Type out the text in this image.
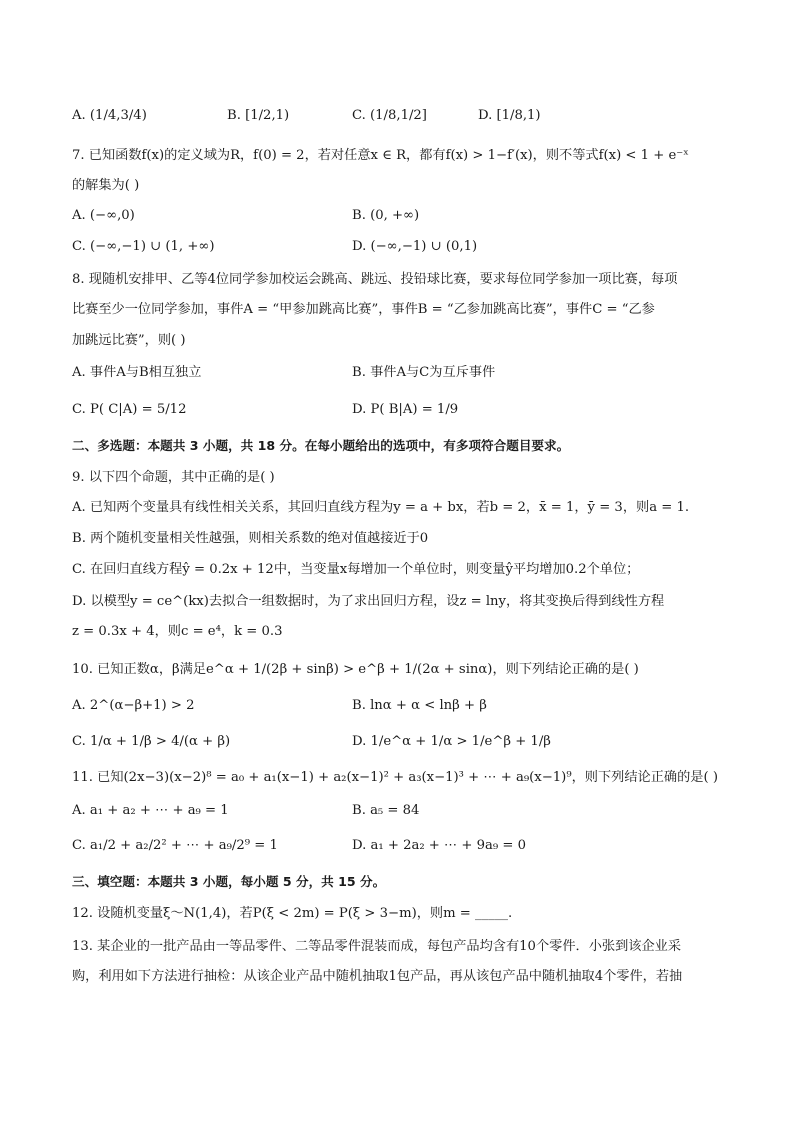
A. (1/4,3/4)	B. [1/2,1)	C. (1/8,1/2]	D. [1/8,1)
7. 已知函数f(x)的定义域为R，f(0) = 2，若对任意x ∈ R，都有f(x) > 1−f′(x)，则不等式f(x) < 1 + e⁻ˣ
的解集为( )
A. (−∞,0)	B. (0, +∞)
C. (−∞,−1) ∪ (1, +∞)	D. (−∞,−1) ∪ (0,1)
8. 现随机安排甲、乙等4位同学参加校运会跳高、跳远、投铅球比赛，要求每位同学参加一项比赛，每项
比赛至少一位同学参加，事件A = “甲参加跳高比赛”，事件B = “乙参加跳高比赛”，事件C = “乙参
加跳远比赛”，则( )
A. 事件A与B相互独立	B. 事件A与C为互斥事件
C. P( C|A) = 5/12	D. P( B|A) = 1/9
二、多选题：本题共 3 小题，共 18 分。在每小题给出的选项中，有多项符合题目要求。
9. 以下四个命题，其中正确的是( )
A. 已知两个变量具有线性相关关系，其回归直线方程为y = a + bx，若b = 2，x̄ = 1，ȳ = 3，则a = 1.
B. 两个随机变量相关性越强，则相关系数的绝对值越接近于0
C. 在回归直线方程ŷ = 0.2x + 12中，当变量x每增加一个单位时，则变量ŷ平均增加0.2个单位；
D. 以模型y = ce^(kx)去拟合一组数据时，为了求出回归方程，设z = lny，将其变换后得到线性方程
z = 0.3x + 4，则c = e⁴，k = 0.3
10. 已知正数α，β满足e^α + 1/(2β + sinβ) > e^β + 1/(2α + sinα)，则下列结论正确的是( )
A. 2^(α−β+1) > 2	B. lnα + α < lnβ + β
C. 1/α + 1/β > 4/(α + β)	D. 1/e^α + 1/α > 1/e^β + 1/β
11. 已知(2x−3)(x−2)⁸ = a₀ + a₁(x−1) + a₂(x−1)² + a₃(x−1)³ + ⋯ + a₉(x−1)⁹，则下列结论正确的是( )
A. a₁ + a₂ + ⋯ + a₉ = 1	B. a₅ = 84
C. a₁/2 + a₂/2² + ⋯ + a₉/2⁹ = 1	D. a₁ + 2a₂ + ⋯ + 9a₉ = 0
三、填空题：本题共 3 小题，每小题 5 分，共 15 分。
12. 设随机变量ξ～N(1,4)，若P(ξ < 2m) = P(ξ > 3−m)，则m = _____.
13. 某企业的一批产品由一等品零件、二等品零件混装而成，每包产品均含有10个零件．小张到该企业采
购，利用如下方法进行抽检：从该企业产品中随机抽取1包产品，再从该包产品中随机抽取4个零件，若抽
